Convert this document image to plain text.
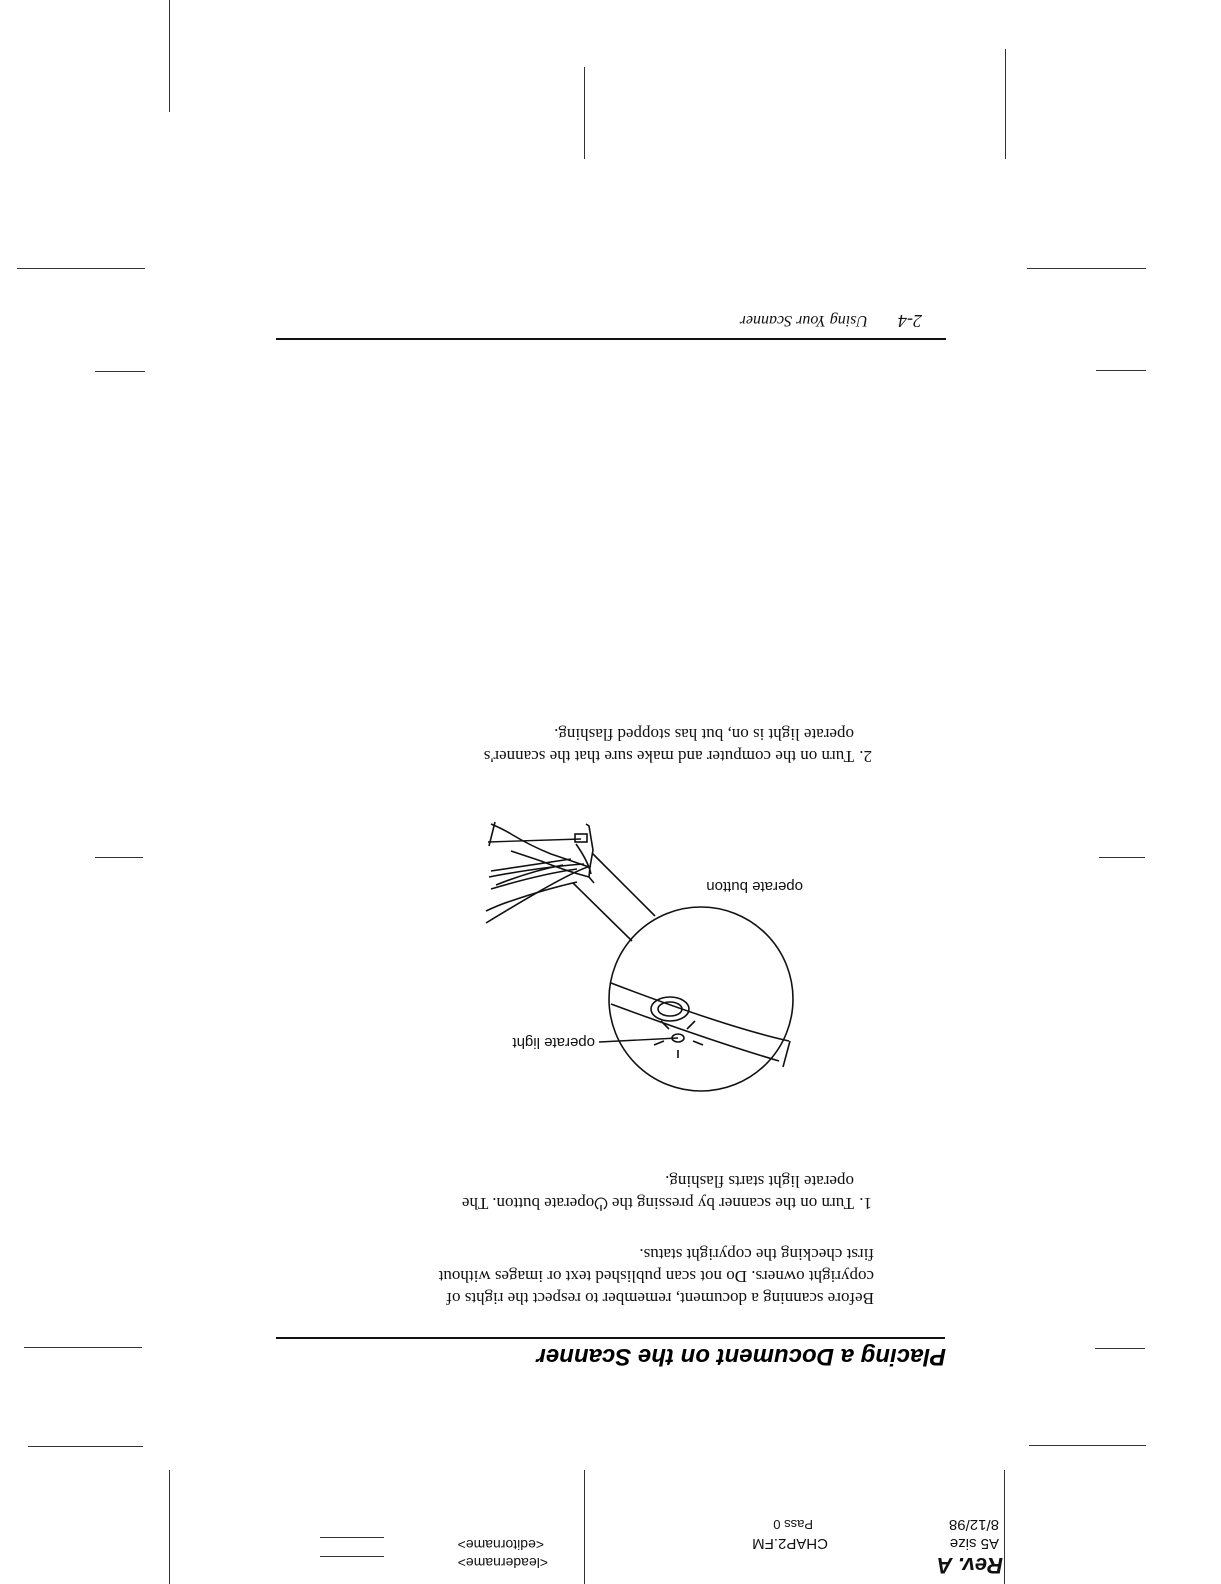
Rev. A
A5 size
8/12/98
CHAP2.FM
Pass 0
<leadername>
<editorname>
Placing a Document on the Scanner
Before scanning a document, remember to respect the rights of
copyright owners. Do not scan published text or images without
first checking the copyright status.
1.
Turn on the scanner by pressing the ⏻operate button. The
operate light starts flashing.
operate light
operate button
2.
Turn on the computer and make sure that the scanner's
operate light is on, but has stopped flashing.
2-4
Using Your Scanner
